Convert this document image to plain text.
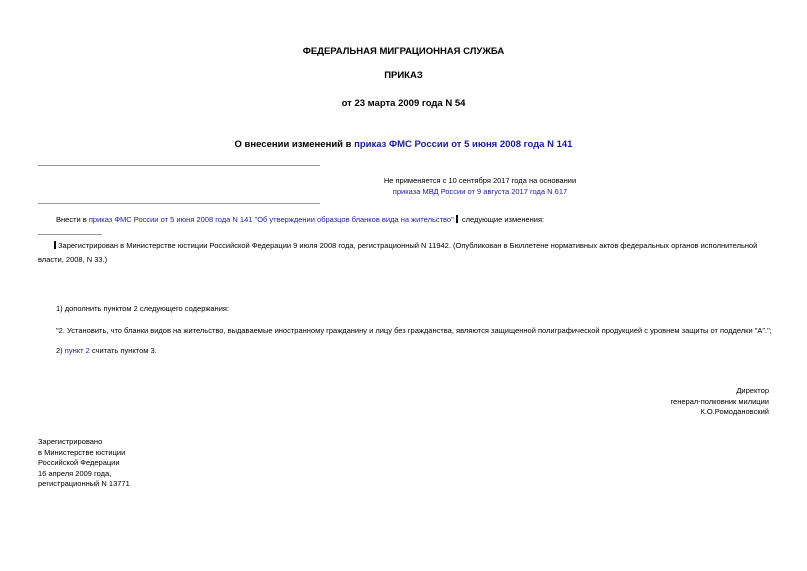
ФЕДЕРАЛЬНАЯ МИГРАЦИОННАЯ СЛУЖБА
ПРИКАЗ
от 23 марта 2009 года N 54
О внесении изменений в приказ ФМС России от 5 июня 2008 года N 141
Не применяется с 10 сентября 2017 года на основании
приказа МВД России от 9 августа 2017 года N 617
Внести в приказ ФМС России от 5 июня 2008 года N 141 "Об утверждении образцов бланков вида на жительство" следующие изменения:
Зарегистрирован в Министерстве юстиции Российской Федерации 9 июля 2008 года, регистрационный N 11942. (Опубликован в Бюллетене нормативных актов федеральных органов исполнительной власти, 2008, N 33.)
1) дополнить пунктом 2 следующего содержания:
"2. Установить, что бланки видов на жительство, выдаваемые иностранному гражданину и лицу без гражданства, являются защищенной полиграфической продукцией с уровнем защиты от подделки "А".";
2) пункт 2 считать пунктом 3.
Директор
генерал-полковник милиции
К.О.Ромодановский
Зарегистрировано
в Министерстве юстиции
Российской Федерации
16 апреля 2009 года,
регистрационный N 13771
